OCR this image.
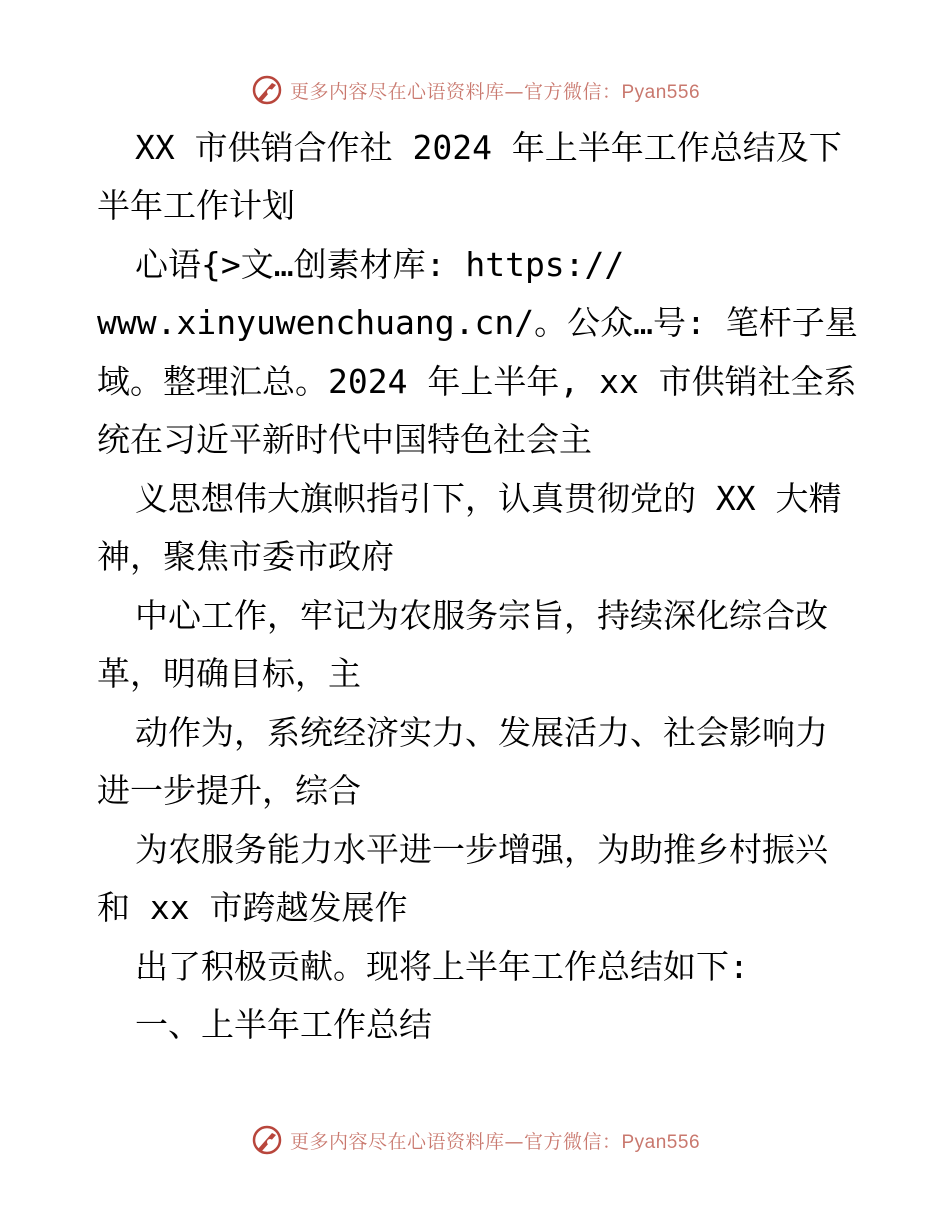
更多内容尽在心语资料库—官方微信：Pyan556
XX 市供销合作社 2024 年上半年工作总结及下
半年工作计划
心语{>文…创素材库: https://
www.xinyuwenchuang.cn/。公众…号: 笔杆子星
域。整理汇总。2024 年上半年, xx 市供销社全系
统在习近平新时代中国特色社会主
义思想伟大旗帜指引下，认真贯彻党的 XX 大精
神，聚焦市委市政府
中心工作，牢记为农服务宗旨，持续深化综合改
革，明确目标，主
动作为，系统经济实力、发展活力、社会影响力
进一步提升，综合
为农服务能力水平进一步增强，为助推乡村振兴
和 xx 市跨越发展作
出了积极贡献。现将上半年工作总结如下:
一、上半年工作总结
更多内容尽在心语资料库—官方微信：Pyan556
